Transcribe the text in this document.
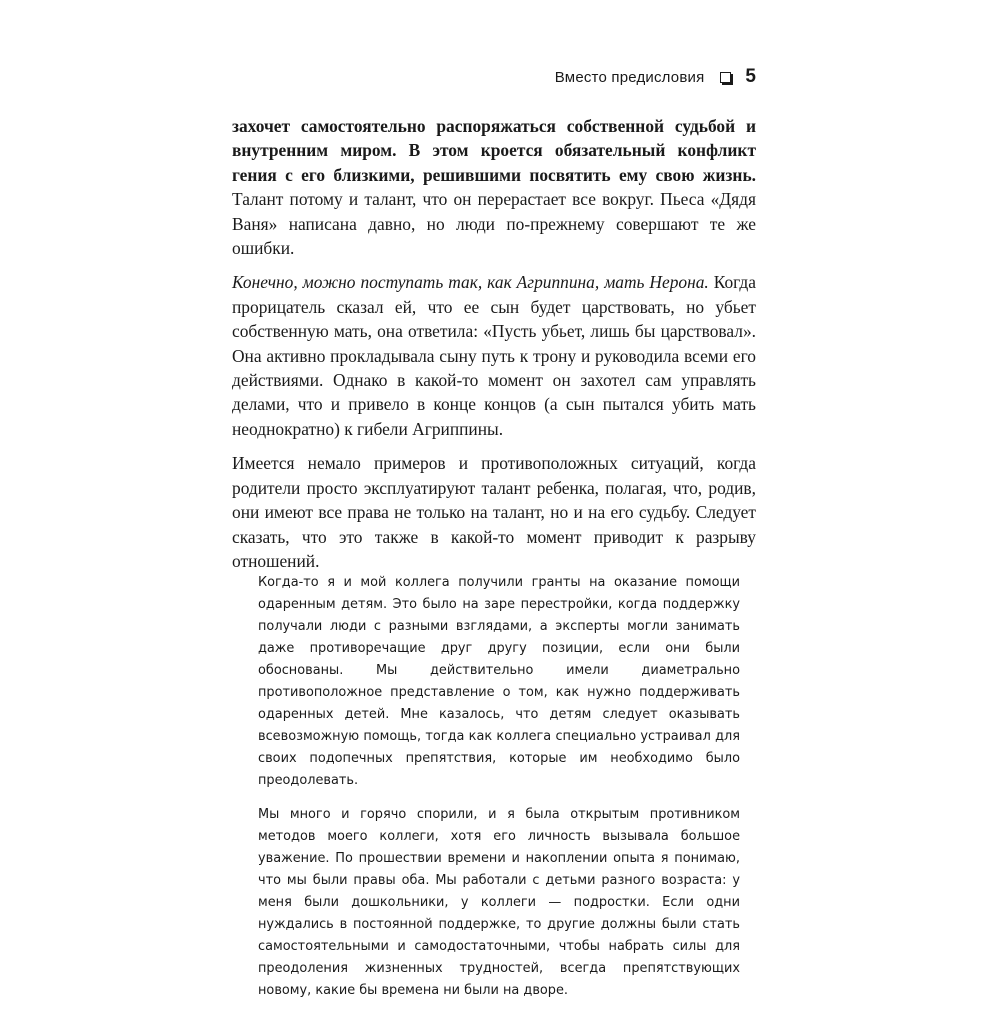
Вместо предисловия 5

захочет самостоятельно распоряжаться собственной судьбой и внутренним миром. В этом кроется обязательный конфликт гения с его близкими, решившими посвятить ему свою жизнь. Талант потому и талант, что он перерастает все вокруг. Пьеса «Дядя Ваня» написана давно, но люди по-прежнему совершают те же ошибки.

Конечно, можно поступать так, как Агриппина, мать Нерона. Когда прорицатель сказал ей, что ее сын будет царствовать, но убьет собственную мать, она ответила: «Пусть убьет, лишь бы царствовал». Она активно прокладывала сыну путь к трону и руководила всеми его действиями. Однако в какой-то момент он захотел сам управлять делами, что и привело в конце концов (а сын пытался убить мать неоднократно) к гибели Агриппины.

Имеется немало примеров и противоположных ситуаций, когда родители просто эксплуатируют талант ребенка, полагая, что, родив, они имеют все права не только на талант, но и на его судьбу. Следует сказать, что это также в какой-то момент приводит к разрыву отношений.

Когда-то я и мой коллега получили гранты на оказание помощи одаренным детям. Это было на заре перестройки, когда поддержку получали люди с разными взглядами, а эксперты могли занимать даже противоречащие друг другу позиции, если они были обоснованы. Мы действительно имели диаметрально противоположное представление о том, как нужно поддерживать одаренных детей. Мне казалось, что детям следует оказывать всевозможную помощь, тогда как коллега специально устраивал для своих подопечных препятствия, которые им необходимо было преодолевать.

Мы много и горячо спорили, и я была открытым противником методов моего коллеги, хотя его личность вызывала большое уважение. По прошествии времени и накоплении опыта я понимаю, что мы были правы оба. Мы работали с детьми разного возраста: у меня были дошкольники, у коллеги — подростки. Если одни нуждались в постоянной поддержке, то другие должны были стать самостоятельными и самодостаточными, чтобы набрать силы для преодоления жизненных трудностей, всегда препятствующих новому, какие бы времена ни были на дворе.
